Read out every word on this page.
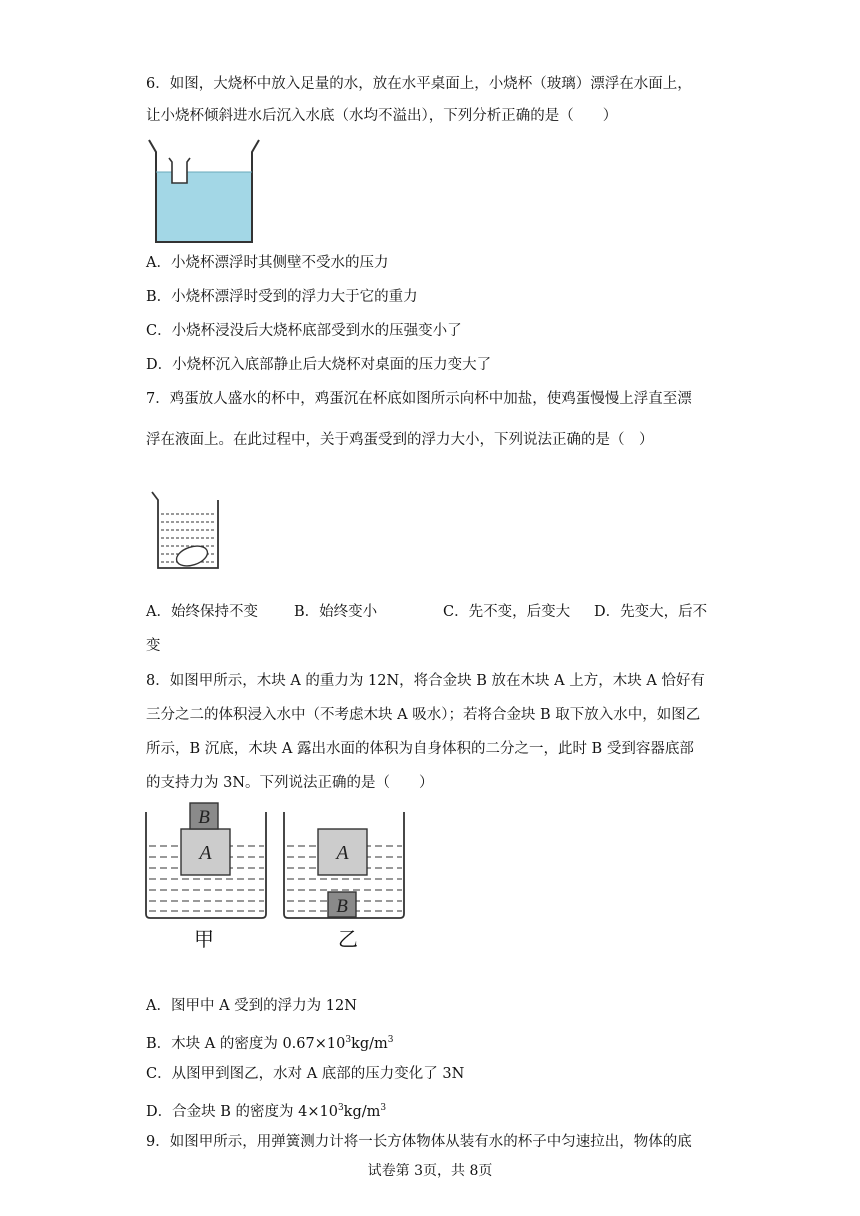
6．如图，大烧杯中放入足量的水，放在水平桌面上，小烧杯（玻璃）漂浮在水面上，
让小烧杯倾斜进水后沉入水底（水均不溢出），下列分析正确的是（　　）
A．小烧杯漂浮时其侧壁不受水的压力
B．小烧杯漂浮时受到的浮力大于它的重力
C．小烧杯浸没后大烧杯底部受到水的压强变小了
D．小烧杯沉入底部静止后大烧杯对桌面的压力变大了
7．鸡蛋放人盛水的杯中，鸡蛋沉在杯底如图所示向杯中加盐，使鸡蛋慢慢上浮直至漂
浮在液面上。在此过程中，关于鸡蛋受到的浮力大小，下列说法正确的是（　）
A．始终保持不变 B．始终变小	C．先不变，后变大 D．先变大，后不
变
8．如图甲所示，木块 A 的重力为 12N，将合金块 B 放在木块 A 上方，木块 A 恰好有
三分之二的体积浸入水中（不考虑木块 A 吸水）；若将合金块 B 取下放入水中，如图乙
所示，B 沉底，木块 A 露出水面的体积为自身体积的二分之一，此时 B 受到容器底部
的支持力为 3N。下列说法正确的是（　　）
A
B
A
B
甲	乙
A．图甲中 A 受到的浮力为 12N
B．木块 A 的密度为 $0.67\times 10^3kg/m^3$
C．从图甲到图乙，水对 A 底部的压力变化了 3N
D．合金块 B 的密度为 $4\times 10^3kg/m^3$
9．如图甲所示，用弹簧测力计将一长方体物体从装有水的杯子中匀速拉出，物体的底
试卷第 3页，共 8页
